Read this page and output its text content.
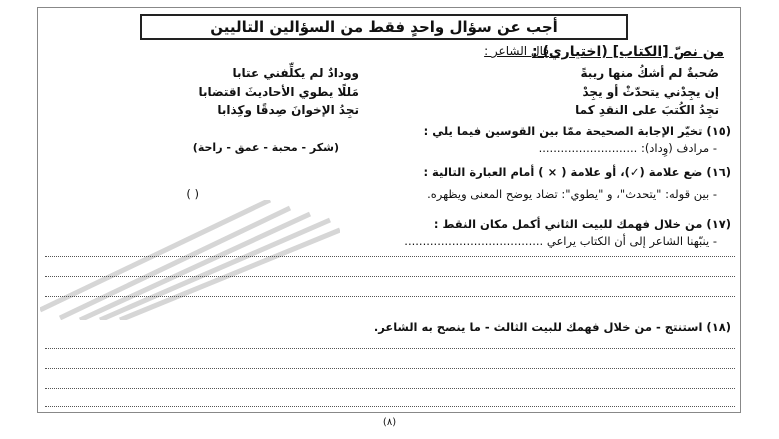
أجب عن سؤال واحدٍ فقط من السؤالين التاليين
من نصّ [الكتاب] (اختياري) :
قال الشاعر :
صُحبةٌ لم أشكُ منها ريبةً
وودادٌ لم يكلِّفني عتابا
إن يجِدْني يتحدّثْ أو يجِدْ
مَللًا يطوي الأحاديثَ اقتضابا
تجِدُ الكُتبَ على النقدِ كما
تجِدُ الإخوانَ صِدقًا وكِذابا
(١٥) تخيّر الإجابة الصحيحة ممّا بين القوسين فيما يلي :
- مرادف (وِداد): ...........................
(شكر - محبة - عمق - راحة)
(١٦) ضع علامة (✓)، أو علامة ( × ) أمام العبارة التالية :
- بين قوله: "يتحدث"، و "يطوي": تضاد يوضح المعنى ويظهره.
( )
(١٧) من خلال فهمك للبيت الثاني أكمل مكان النقط :
- ينبّهنا الشاعر إلى أن الكتاب يراعي ......................................
(١٨) استنتج - من خلال فهمك للبيت الثالث - ما ينصح به الشاعر.
(٨)
